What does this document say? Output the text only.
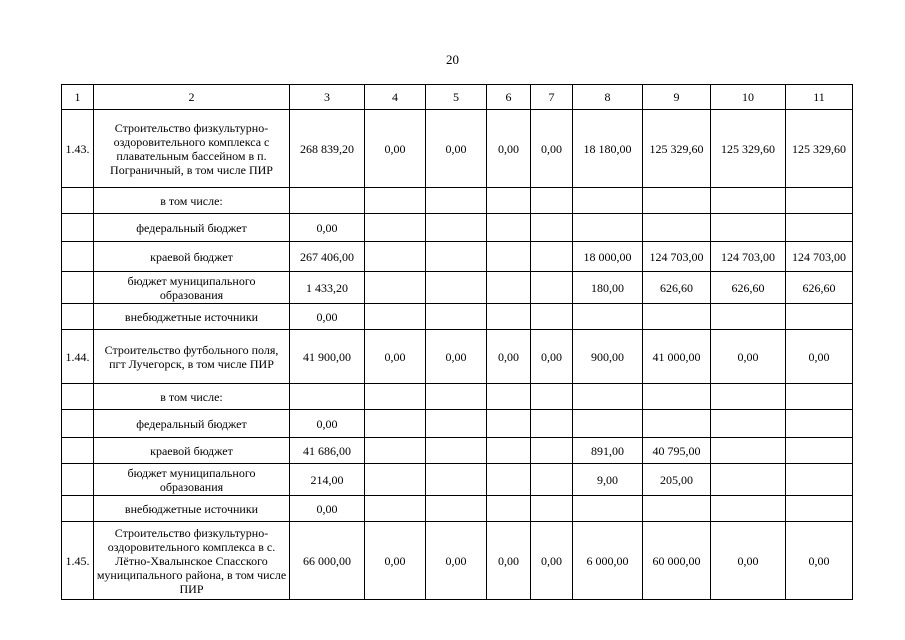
20
1	2	3	4	5	6	7	8	9	10	11
1.43.	Строительство физкультурно-оздоровительного комплекса с плавательным бассейном в п. Пограничный, в том числе ПИР	268 839,20	0,00	0,00	0,00	0,00	18 180,00	125 329,60	125 329,60	125 329,60
	в том числе:									
	федеральный бюджет	0,00								
	краевой бюджет	267 406,00					18 000,00	124 703,00	124 703,00	124 703,00
	бюджет муниципального образования	1 433,20					180,00	626,60	626,60	626,60
	внебюджетные источники	0,00								
1.44.	Строительство футбольного поля, пгт Лучегорск, в том числе ПИР	41 900,00	0,00	0,00	0,00	0,00	900,00	41 000,00	0,00	0,00
	в том числе:									
	федеральный бюджет	0,00								
	краевой бюджет	41 686,00					891,00	40 795,00		
	бюджет муниципального образования	214,00					9,00	205,00		
	внебюджетные источники	0,00								
1.45.	Строительство физкультурно-оздоровительного комплекса в с. Лётно-Хвалынское Спасского муниципального района, в том числе ПИР	66 000,00	0,00	0,00	0,00	0,00	6 000,00	60 000,00	0,00	0,00
